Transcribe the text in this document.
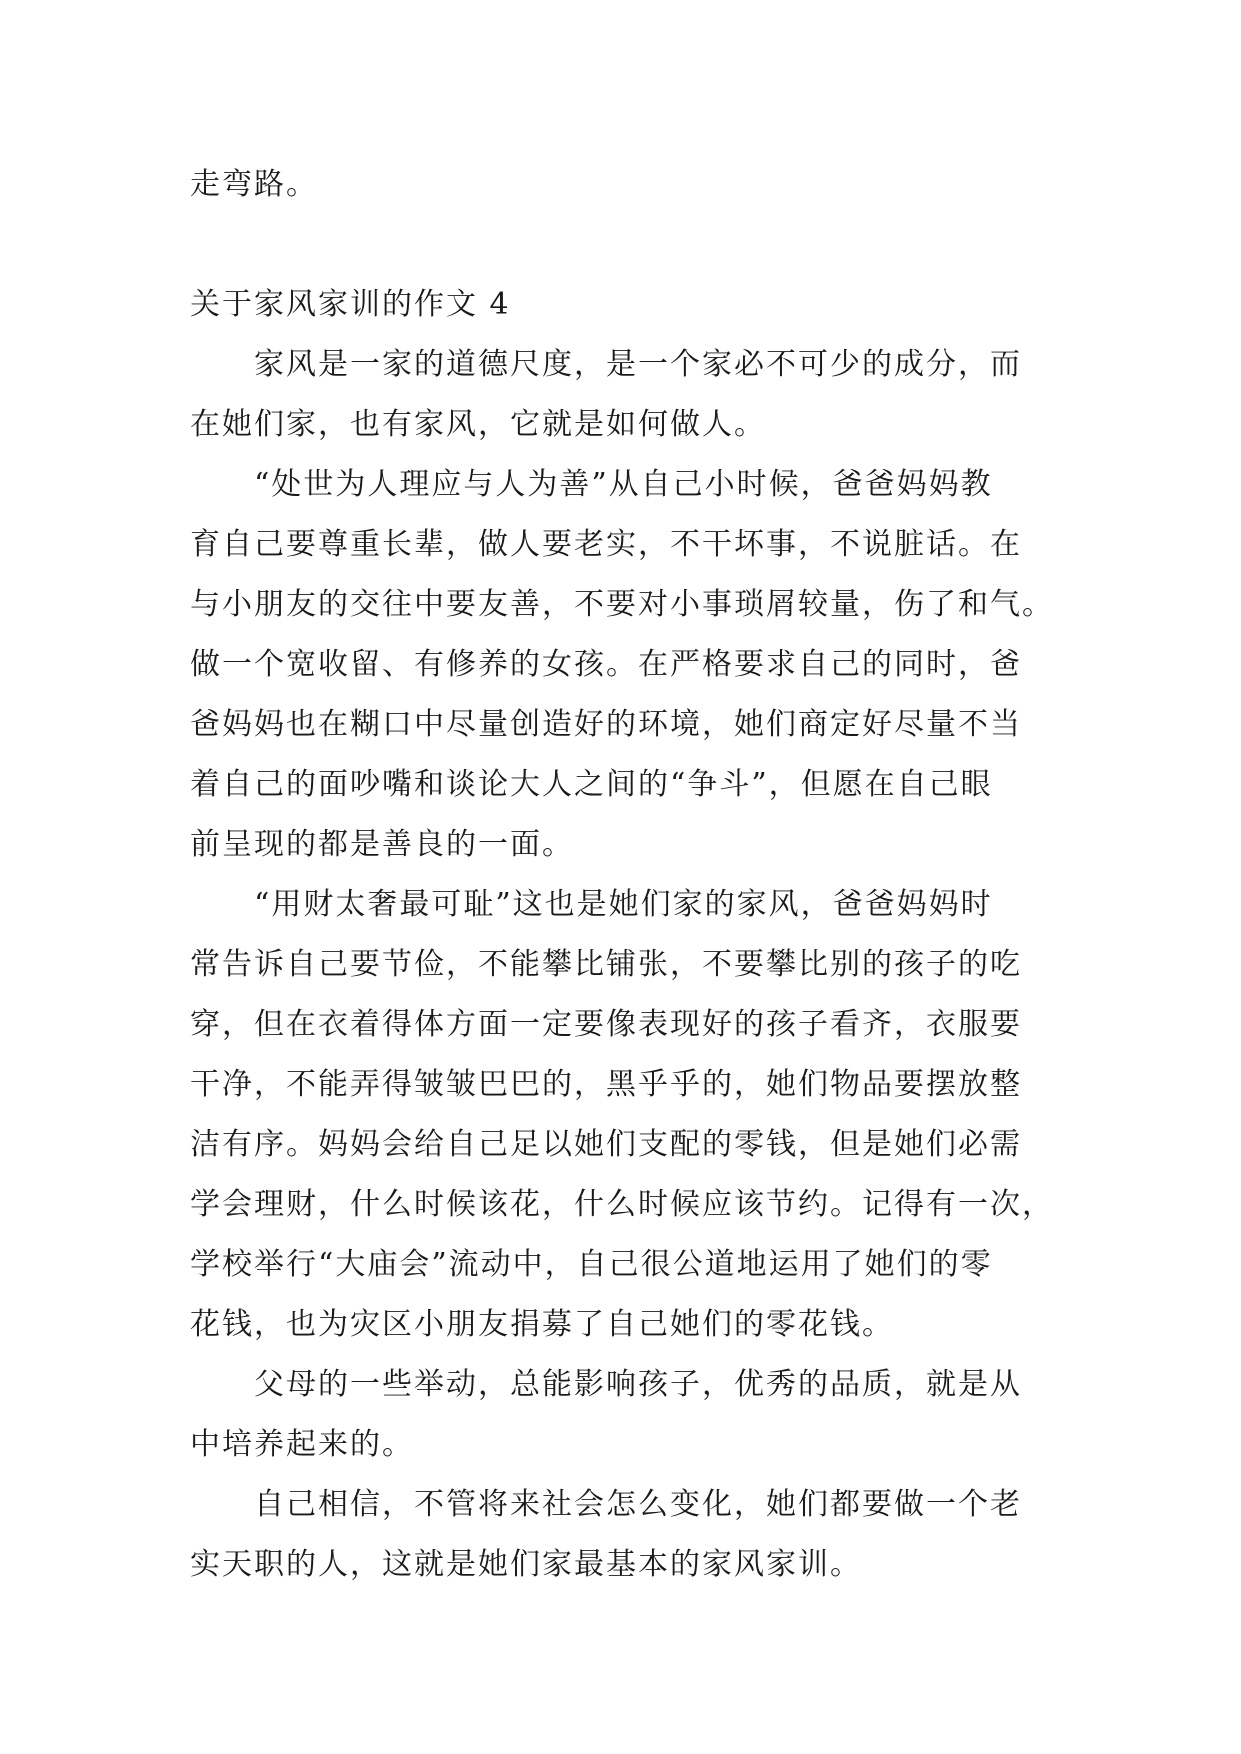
走弯路。
关于家风家训的作文 4
家风是一家的道德尺度，是一个家必不可少的成分，而
在她们家，也有家风，它就是如何做人。
“处世为人理应与人为善”从自己小时候，爸爸妈妈教
育自己要尊重长辈，做人要老实，不干坏事，不说脏话。在
与小朋友的交往中要友善，不要对小事琐屑较量，伤了和气。
做一个宽收留、有修养的女孩。在严格要求自己的同时，爸
爸妈妈也在糊口中尽量创造好的环境，她们商定好尽量不当
着自己的面吵嘴和谈论大人之间的“争斗”，但愿在自己眼
前呈现的都是善良的一面。
“用财太奢最可耻”这也是她们家的家风，爸爸妈妈时
常告诉自己要节俭，不能攀比铺张，不要攀比别的孩子的吃
穿，但在衣着得体方面一定要像表现好的孩子看齐，衣服要
干净，不能弄得皱皱巴巴的，黑乎乎的，她们物品要摆放整
洁有序。妈妈会给自己足以她们支配的零钱，但是她们必需
学会理财，什么时候该花，什么时候应该节约。记得有一次，
学校举行“大庙会”流动中，自己很公道地运用了她们的零
花钱，也为灾区小朋友捐募了自己她们的零花钱。
父母的一些举动，总能影响孩子，优秀的品质，就是从
中培养起来的。
自己相信，不管将来社会怎么变化，她们都要做一个老
实天职的人，这就是她们家最基本的家风家训。
